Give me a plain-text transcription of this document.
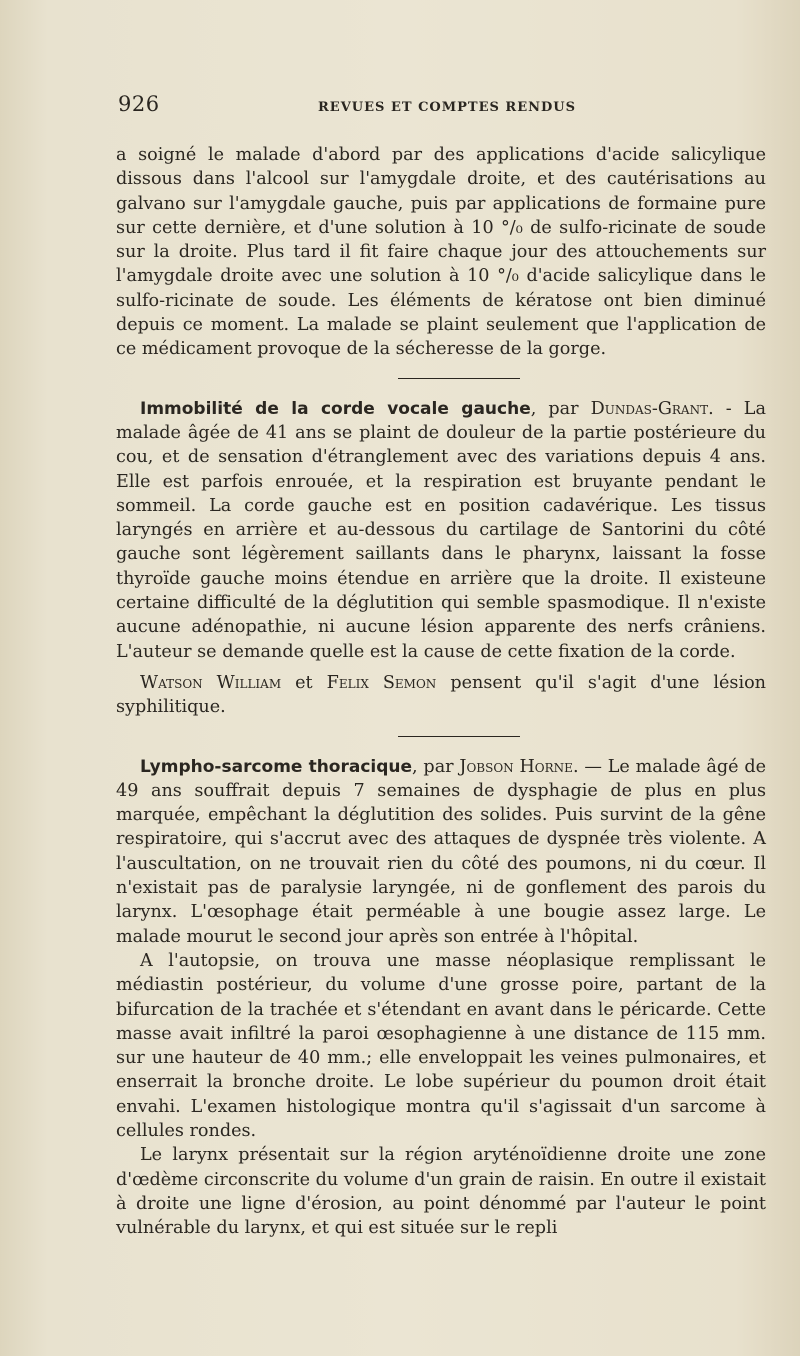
926	REVUES ET COMPTES RENDUS

a soigné le malade d'abord par des applications d'acide salicylique dissous dans l'alcool sur l'amygdale droite, et des cautérisations au galvano sur l'amygdale gauche, puis par applications de formaine pure sur cette dernière, et d'une solution à 10 °/₀ de sulfo-ricinate de soude sur la droite. Plus tard il fit faire chaque jour des attouchements sur l'amygdale droite avec une solution à 10 °/₀ d'acide salicylique dans le sulfo-ricinate de soude. Les éléments de kératose ont bien diminué depuis ce moment. La malade se plaint seulement que l'application de ce médicament provoque de la sécheresse de la gorge.

Immobilité de la corde vocale gauche, par Dundas-Grant. - La malade âgée de 41 ans se plaint de douleur de la partie postérieure du cou, et de sensation d'étranglement avec des variations depuis 4 ans. Elle est parfois enrouée, et la respiration est bruyante pendant le sommeil. La corde gauche est en position cadavérique. Les tissus laryngés en arrière et au-dessous du cartilage de Santorini du côté gauche sont légèrement saillants dans le pharynx, laissant la fosse thyroïde gauche moins étendue en arrière que la droite. Il existeune certaine difficulté de la déglutition qui semble spasmodique. Il n'existe aucune adénopathie, ni aucune lésion apparente des nerfs crâniens. L'auteur se demande quelle est la cause de cette fixation de la corde.

Watson William et Felix Semon pensent qu'il s'agit d'une lésion syphilitique.

Lympho-sarcome thoracique, par Jobson Horne. — Le malade âgé de 49 ans souffrait depuis 7 semaines de dysphagie de plus en plus marquée, empêchant la déglutition des solides. Puis survint de la gêne respiratoire, qui s'accrut avec des attaques de dyspnée très violente. A l'auscultation, on ne trouvait rien du côté des poumons, ni du cœur. Il n'existait pas de paralysie laryngée, ni de gonflement des parois du larynx. L'œsophage était perméable à une bougie assez large. Le malade mourut le second jour après son entrée à l'hôpital.

A l'autopsie, on trouva une masse néoplasique remplissant le médiastin postérieur, du volume d'une grosse poire, partant de la bifurcation de la trachée et s'étendant en avant dans le péricarde. Cette masse avait infiltré la paroi œsophagienne à une distance de 115 mm. sur une hauteur de 40 mm.; elle enveloppait les veines pulmonaires, et enserrait la bronche droite. Le lobe supérieur du poumon droit était envahi. L'examen histologique montra qu'il s'agissait d'un sarcome à cellules rondes.

Le larynx présentait sur la région aryténoïdienne droite une zone d'œdème circonscrite du volume d'un grain de raisin. En outre il existait à droite une ligne d'érosion, au point dénommé par l'auteur le point vulnérable du larynx, et qui est située sur le repli
